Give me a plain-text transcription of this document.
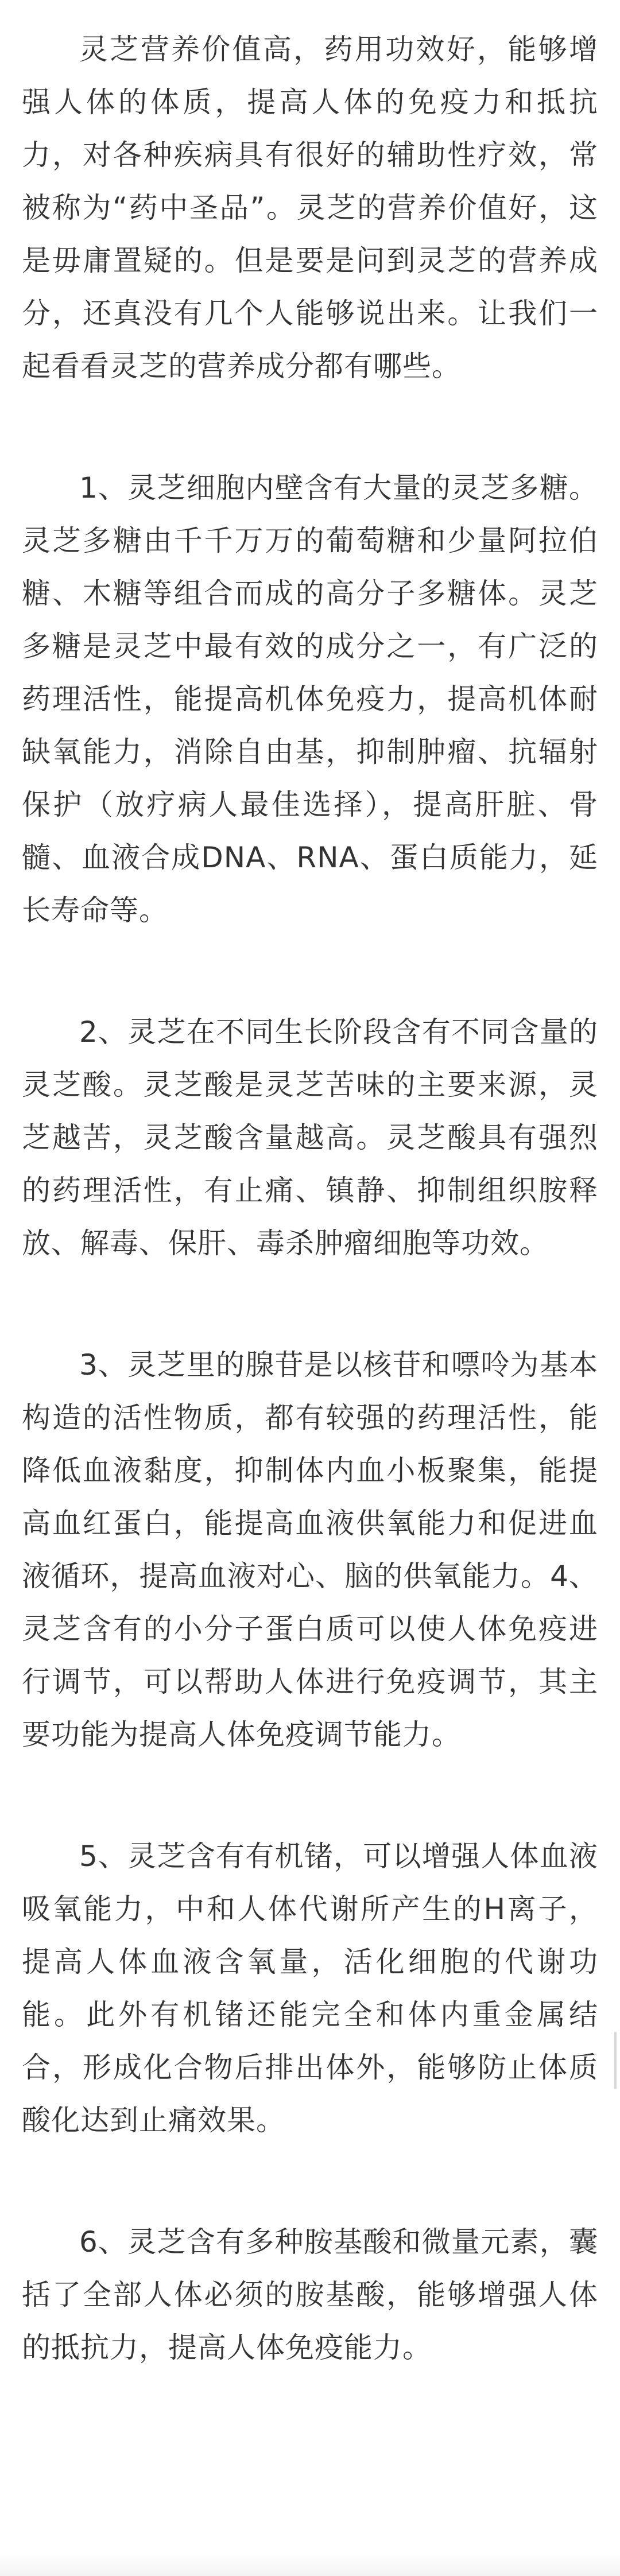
灵芝营养价值高，药用功效好，能够增强人体的体质，提高人体的免疫力和抵抗力，对各种疾病具有很好的辅助性疗效，常被称为“药中圣品”。灵芝的营养价值好，这是毋庸置疑的。但是要是问到灵芝的营养成分，还真没有几个人能够说出来。让我们一起看看灵芝的营养成分都有哪些。

1、灵芝细胞内壁含有大量的灵芝多糖。灵芝多糖由千千万万的葡萄糖和少量阿拉伯糖、木糖等组合而成的高分子多糖体。灵芝多糖是灵芝中最有效的成分之一，有广泛的药理活性，能提高机体免疫力，提高机体耐缺氧能力，消除自由基，抑制肿瘤、抗辐射保护（放疗病人最佳选择），提高肝脏、骨髓、血液合成DNA、RNA、蛋白质能力，延长寿命等。

2、灵芝在不同生长阶段含有不同含量的灵芝酸。灵芝酸是灵芝苦味的主要来源，灵芝越苦，灵芝酸含量越高。灵芝酸具有强烈的药理活性，有止痛、镇静、抑制组织胺释放、解毒、保肝、毒杀肿瘤细胞等功效。

3、灵芝里的腺苷是以核苷和嘌呤为基本构造的活性物质，都有较强的药理活性，能降低血液黏度，抑制体内血小板聚集，能提高血红蛋白，能提高血液供氧能力和促进血液循环，提高血液对心、脑的供氧能力。4、灵芝含有的小分子蛋白质可以使人体免疫进行调节，可以帮助人体进行免疫调节，其主要功能为提高人体免疫调节能力。

5、灵芝含有有机锗，可以增强人体血液吸氧能力，中和人体代谢所产生的H离子， 提高人体血液含氧量，活化细胞的代谢功能。此外有机锗还能完全和体内重金属结合，形成化合物后排出体外，能够防止体质酸化达到止痛效果。

6、灵芝含有多种胺基酸和微量元素，囊括了全部人体必须的胺基酸，能够增强人体的抵抗力，提高人体免疫能力。
